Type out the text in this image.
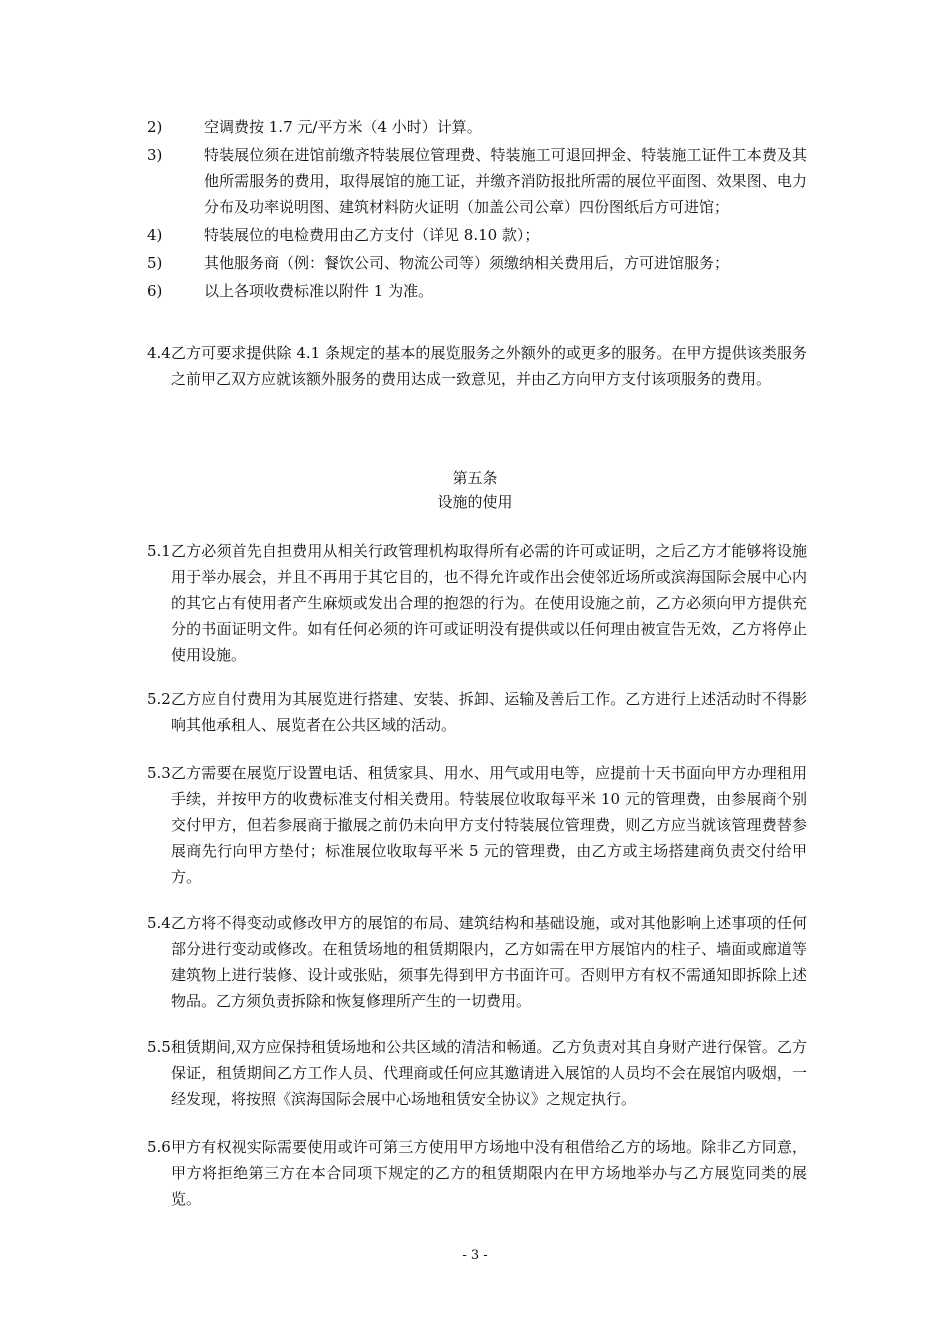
2)	空调费按 1.7 元/平方米（4 小时）计算。
3)	特装展位须在进馆前缴齐特装展位管理费、特装施工可退回押金、特装施工证件工本费及其他所需服务的费用，取得展馆的施工证，并缴齐消防报批所需的展位平面图、效果图、电力分布及功率说明图、建筑材料防火证明（加盖公司公章）四份图纸后方可进馆；
4)	特装展位的电检费用由乙方支付（详见 8.10 款）；
5)	其他服务商（例：餐饮公司、物流公司等）须缴纳相关费用后，方可进馆服务；
6)	以上各项收费标准以附件 1 为准。
4.4 乙方可要求提供除 4.1 条规定的基本的展览服务之外额外的或更多的服务。在甲方提供该类服务之前甲乙双方应就该额外服务的费用达成一致意见，并由乙方向甲方支付该项服务的费用。
第五条
设施的使用
5.1 乙方必须首先自担费用从相关行政管理机构取得所有必需的许可或证明，之后乙方才能够将设施用于举办展会，并且不再用于其它目的，也不得允许或作出会使邻近场所或滨海国际会展中心内的其它占有使用者产生麻烦或发出合理的抱怨的行为。在使用设施之前，乙方必须向甲方提供充分的书面证明文件。如有任何必须的许可或证明没有提供或以任何理由被宣告无效，乙方将停止使用设施。
5.2 乙方应自付费用为其展览进行搭建、安装、拆卸、运输及善后工作。乙方进行上述活动时不得影响其他承租人、展览者在公共区域的活动。
5.3 乙方需要在展览厅设置电话、租赁家具、用水、用气或用电等，应提前十天书面向甲方办理租用手续，并按甲方的收费标准支付相关费用。特装展位收取每平米 10 元的管理费，由参展商个别交付甲方，但若参展商于撤展之前仍未向甲方支付特装展位管理费，则乙方应当就该管理费替参展商先行向甲方垫付；标准展位收取每平米 5 元的管理费，由乙方或主场搭建商负责交付给甲方。
5.4 乙方将不得变动或修改甲方的展馆的布局、建筑结构和基础设施，或对其他影响上述事项的任何部分进行变动或修改。在租赁场地的租赁期限内，乙方如需在甲方展馆内的柱子、墙面或廊道等建筑物上进行装修、设计或张贴，须事先得到甲方书面许可。否则甲方有权不需通知即拆除上述物品。乙方须负责拆除和恢复修理所产生的一切费用。
5.5 租赁期间,双方应保持租赁场地和公共区域的清洁和畅通。乙方负责对其自身财产进行保管。乙方保证，租赁期间乙方工作人员、代理商或任何应其邀请进入展馆的人员均不会在展馆内吸烟，一经发现，将按照《滨海国际会展中心场地租赁安全协议》之规定执行。
5.6 甲方有权视实际需要使用或许可第三方使用甲方场地中没有租借给乙方的场地。除非乙方同意，甲方将拒绝第三方在本合同项下规定的乙方的租赁期限内在甲方场地举办与乙方展览同类的展览。
- 3 -
